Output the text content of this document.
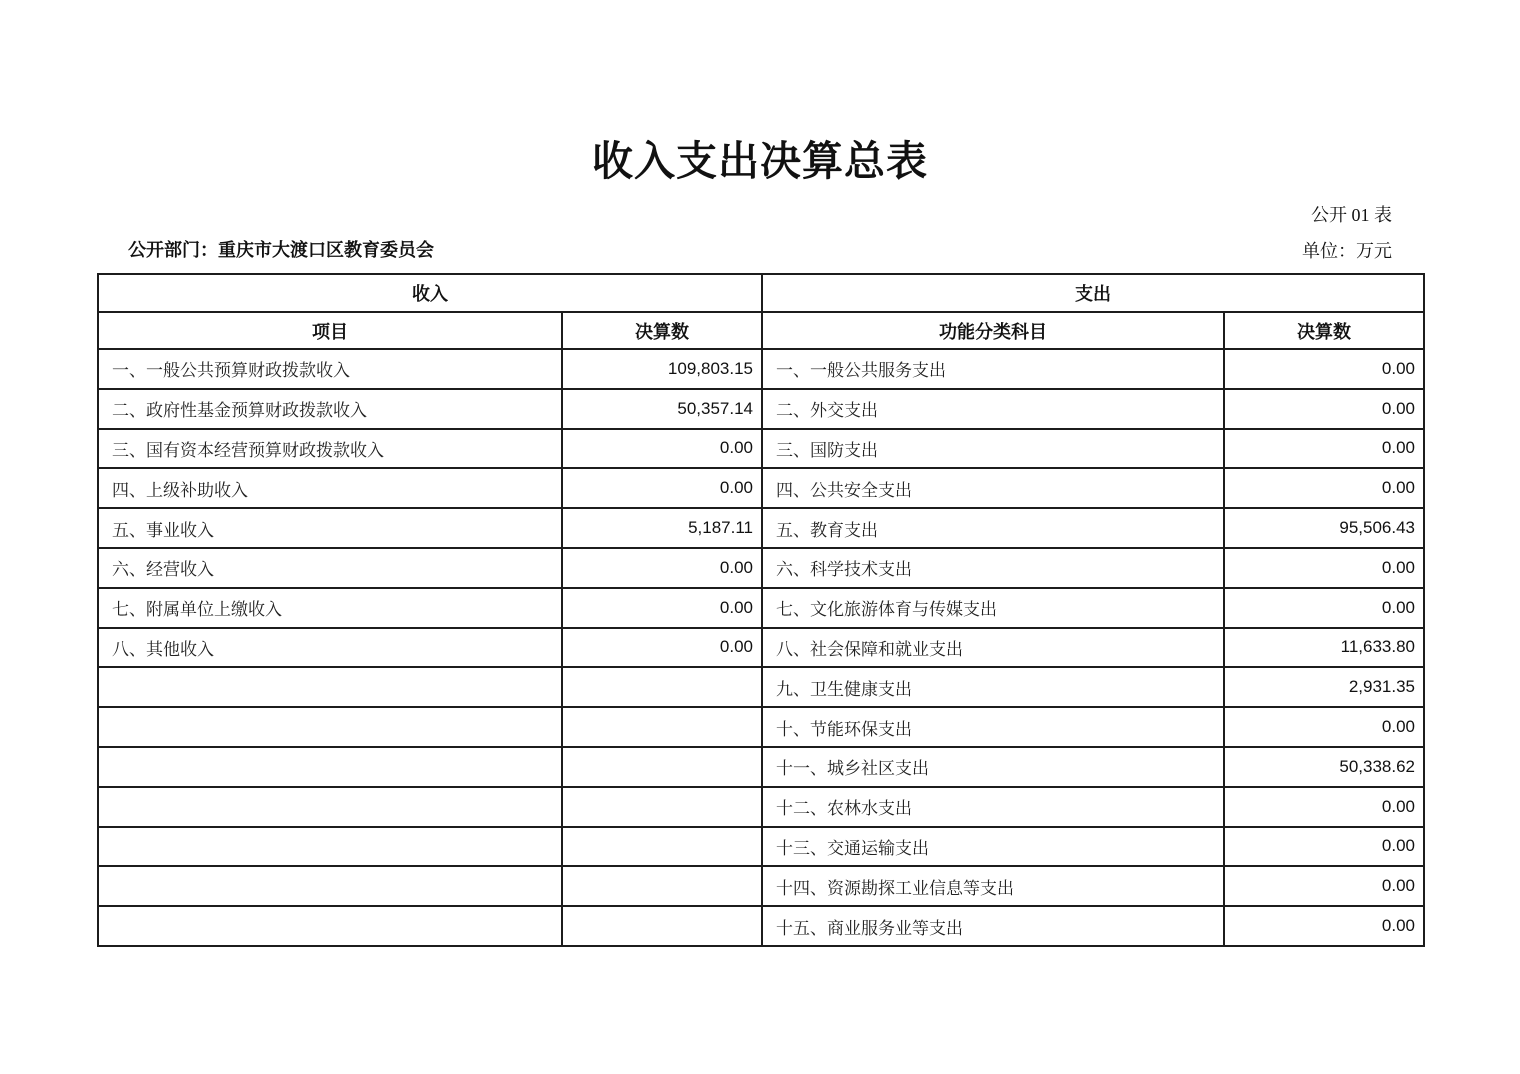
收入支出决算总表
公开 01 表
公开部门：重庆市大渡口区教育委员会	单位：万元
收入		支出	
项目	决算数	功能分类科目	决算数
一、一般公共预算财政拨款收入	109,803.15	一、一般公共服务支出	0.00
二、政府性基金预算财政拨款收入	50,357.14	二、外交支出	0.00
三、国有资本经营预算财政拨款收入	0.00	三、国防支出	0.00
四、上级补助收入	0.00	四、公共安全支出	0.00
五、事业收入	5,187.11	五、教育支出	95,506.43
六、经营收入	0.00	六、科学技术支出	0.00
七、附属单位上缴收入	0.00	七、文化旅游体育与传媒支出	0.00
八、其他收入	0.00	八、社会保障和就业支出	11,633.80
		九、卫生健康支出	2,931.35
		十、节能环保支出	0.00
		十一、城乡社区支出	50,338.62
		十二、农林水支出	0.00
		十三、交通运输支出	0.00
		十四、资源勘探工业信息等支出	0.00
		十五、商业服务业等支出	0.00
